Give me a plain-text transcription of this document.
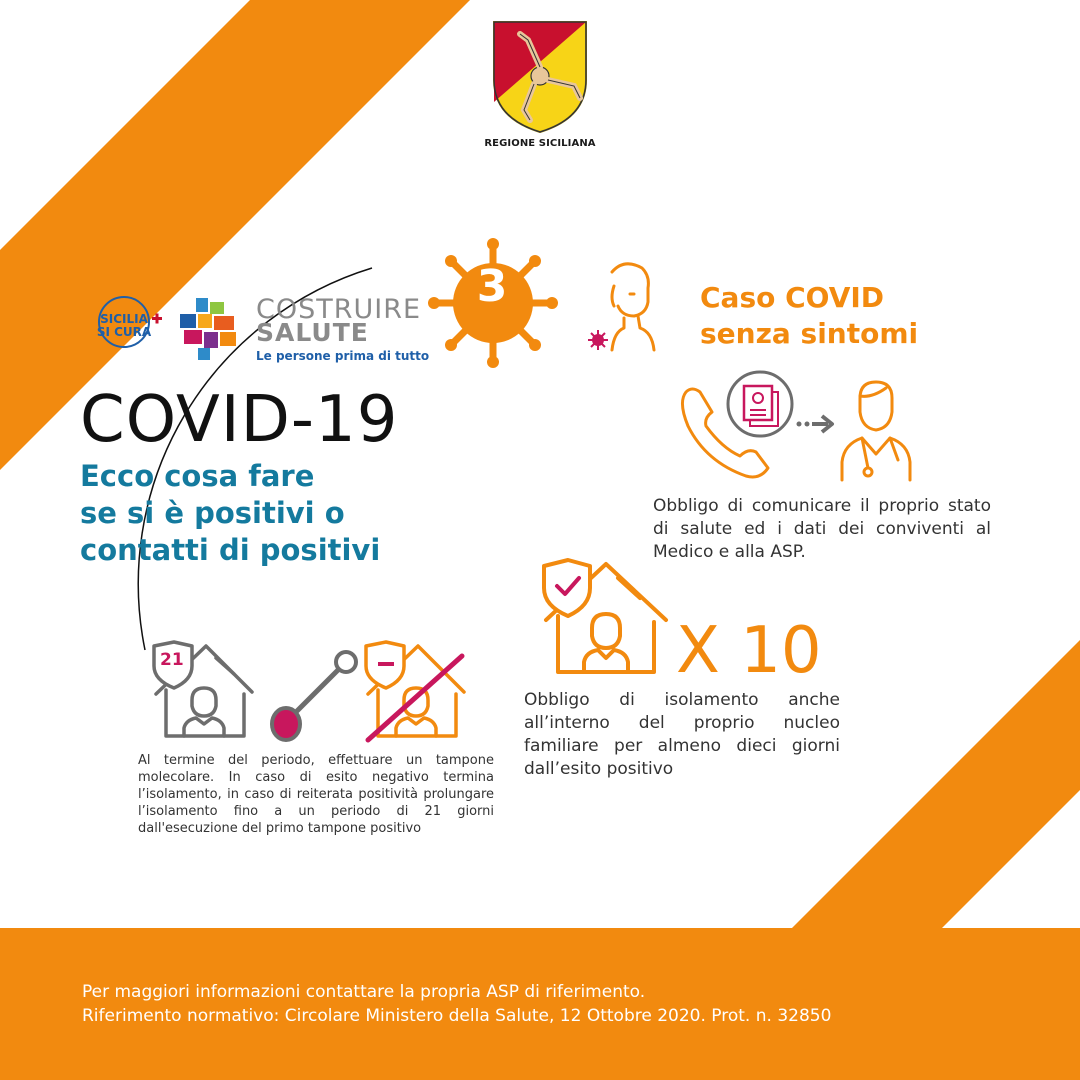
REGIONE SICILIANA
SICILIA
SI CURA
COSTRUIRE
SALUTE
Le persone prima di tutto
COVID-19
Ecco cosa fare
se si è positivi o
contatti di positivi
3	Caso COVID
senza sintomi
Obbligo di comunicare il proprio stato di salute ed i dati dei conviventi al Medico e alla ASP.
X 10
Obbligo di isolamento anche all’interno del proprio nucleo familiare per almeno dieci giorni dall’esito positivo
21
Al termine del periodo, effettuare un tampone molecolare. In caso di esito negativo termina l’isolamento, in caso di reiterata positività prolungare l’isolamento fino a un periodo di 21 giorni dall'esecuzione del primo tampone positivo
Per maggiori informazioni contattare la propria ASP di riferimento.
Riferimento normativo: Circolare Ministero della Salute, 12 Ottobre 2020. Prot. n. 32850
